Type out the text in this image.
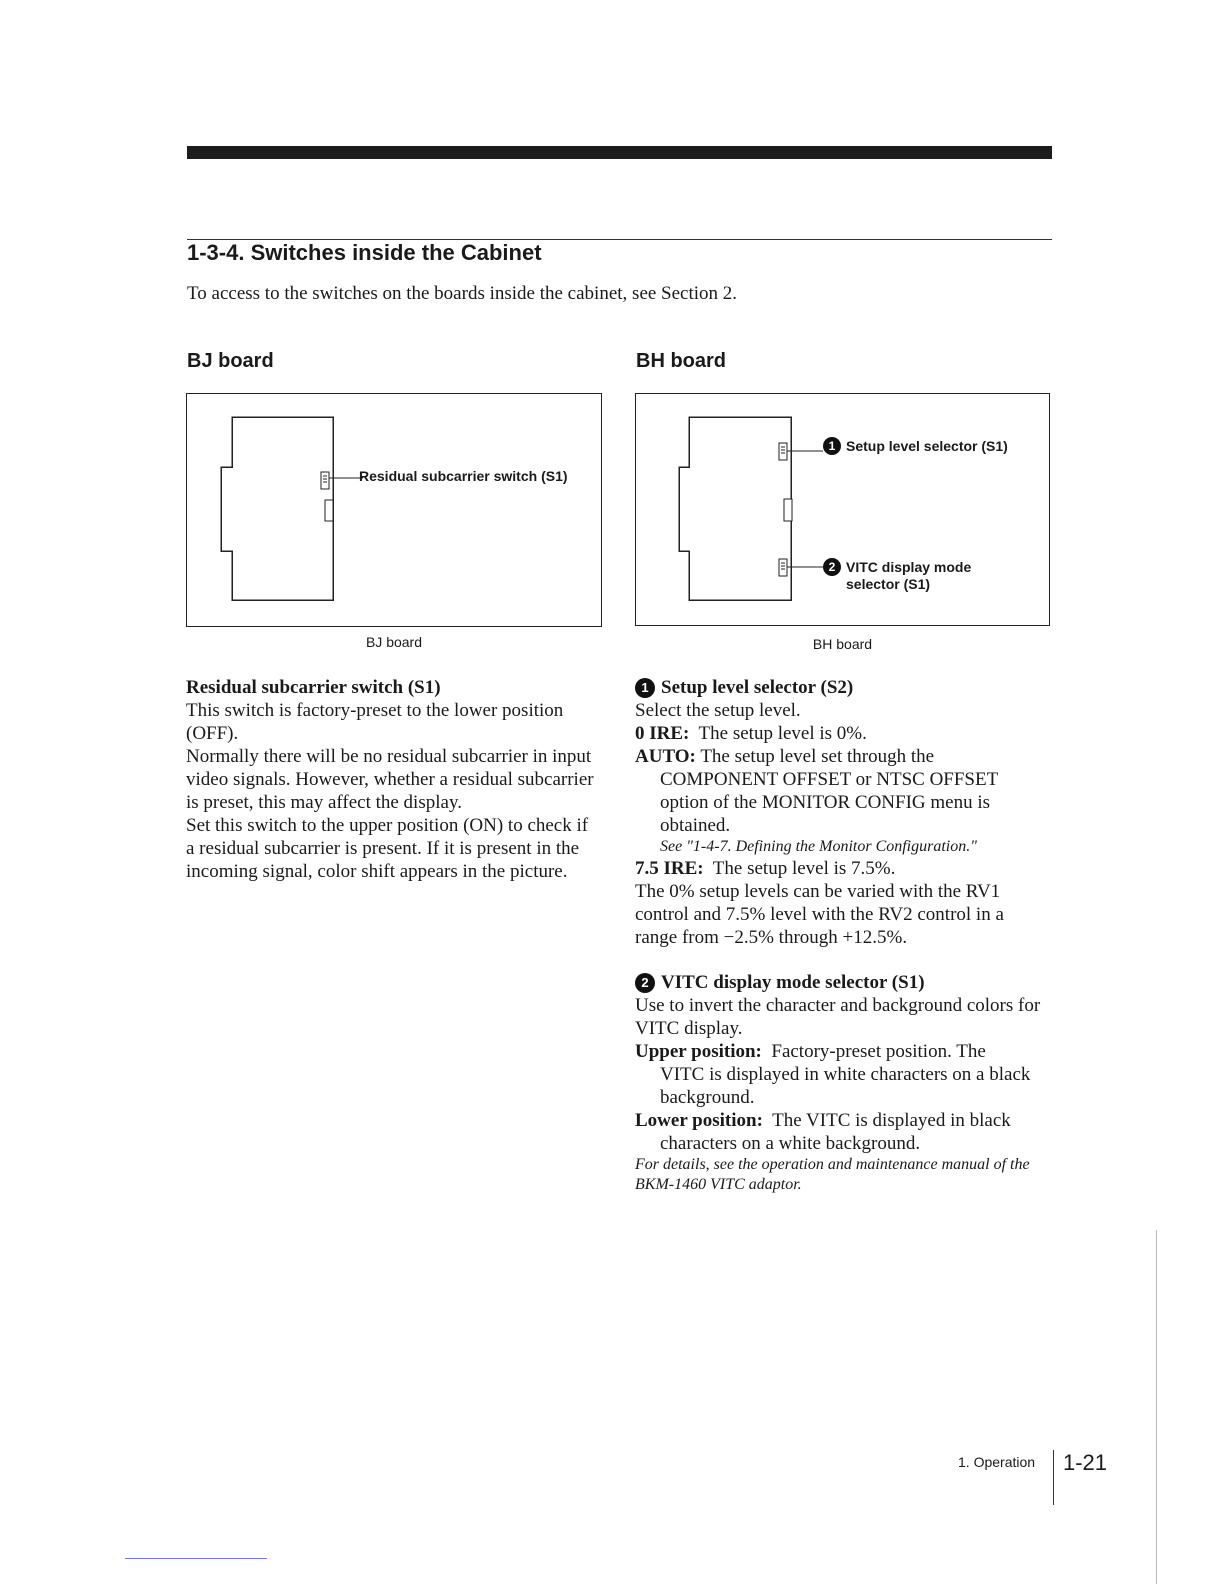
1-3-4. Switches inside the Cabinet
To access to the switches on the boards inside the cabinet, see Section 2.
BJ board
Residual subcarrier switch (S1)
BJ board
BH board
1 Setup level selector (S1)
2 VITC display mode
selector (S1)
BH board

Residual subcarrier switch (S1)

This switch is factory-preset to the lower position (OFF).

Normally there will be no residual subcarrier in input video signals. However, whether a residual subcarrier is preset, this may affect the display.

Set this switch to the upper position (ON) to check if a residual subcarrier is present. If it is present in the incoming signal, color shift appears in the picture.

1 Setup level selector (S2)

Select the setup level.

0 IRE: The setup level is 0%.

AUTO: The setup level set through the

COMPONENT OFFSET or NTSC OFFSET option of the MONITOR CONFIG menu is obtained.

See "1-4-7. Defining the Monitor Configuration."

7.5 IRE: The setup level is 7.5%.

The 0% setup levels can be varied with the RV1 control and 7.5% level with the RV2 control in a range from −2.5% through +12.5%.

2 VITC display mode selector (S1)

Use to invert the character and background colors for VITC display.

Upper position: Factory-preset position. The

VITC is displayed in white characters on a black background.

Lower position: The VITC is displayed in black

characters on a white background.

For details, see the operation and maintenance manual of the BKM-1460 VITC adaptor.

1. Operation 1-21
